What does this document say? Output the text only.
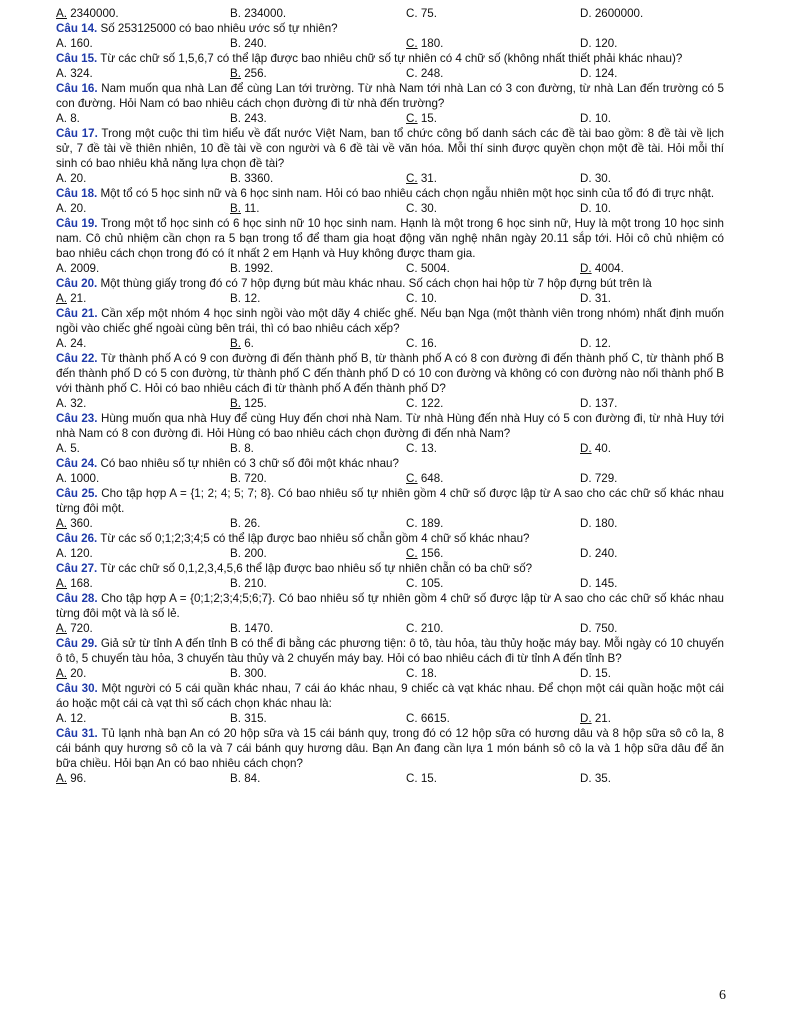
A. 2340000.	B. 234000.	C. 75.	D. 2600000.
Câu 14. Số 253125000 có bao nhiêu ước số tự nhiên?
A. 160.	B. 240.	C. 180.	D. 120.
Câu 15. Từ các chữ số 1,5,6,7 có thể lập được bao nhiêu chữ số tự nhiên có 4 chữ số (không nhất thiết phải khác nhau)?
A. 324.	B. 256.	C. 248.	D. 124.
Câu 16. Nam muốn qua nhà Lan để cùng Lan tới trường. Từ nhà Nam tới nhà Lan có 3 con đường, từ nhà Lan đến trường có 5 con đường. Hỏi Nam có bao nhiêu cách chọn đường đi từ nhà đến trường?
A. 8.	B. 243.	C. 15.	D. 10.
Câu 17. Trong một cuộc thi tìm hiểu về đất nước Việt Nam, ban tổ chức công bố danh sách các đề tài bao gồm: 8 đề tài về lịch sử, 7 đề tài về thiên nhiên, 10 đề tài về con người và 6 đề tài về văn hóa. Mỗi thí sinh được quyền chọn một đề tài. Hỏi mỗi thí sinh có bao nhiêu khả năng lựa chọn đề tài?
A. 20.	B. 3360.	C. 31.	D. 30.
Câu 18. Một tổ có 5 học sinh nữ và 6 học sinh nam. Hỏi có bao nhiêu cách chọn ngẫu nhiên một học sinh của tổ đó đi trực nhật.
A. 20.	B. 11.	C. 30.	D. 10.
Câu 19. Trong một tổ học sinh có 6 học sinh nữ 10 học sinh nam. Hạnh là một trong 6 học sinh nữ, Huy là một trong 10 học sinh nam. Cô chủ nhiệm cần chọn ra 5 bạn trong tổ để tham gia hoạt động văn nghệ nhân ngày 20.11 sắp tới. Hỏi cô chủ nhiệm có bao nhiêu cách chọn trong đó có ít nhất 2 em Hạnh và Huy không được tham gia.
A. 2009.	B. 1992.	C. 5004.	D. 4004.
Câu 20. Một thùng giấy trong đó có 7 hộp đựng bút màu khác nhau. Số cách chọn hai hộp từ 7 hộp đựng bút trên là
A. 21.	B. 12.	C. 10.	D. 31.
Câu 21. Cần xếp một nhóm 4 học sinh ngồi vào một dãy 4 chiếc ghế. Nếu bạn Nga (một thành viên trong nhóm) nhất định muốn ngồi vào chiếc ghế ngoài cùng bên trái, thì có bao nhiêu cách xếp?
A. 24.	B. 6.	C. 16.	D. 12.
Câu 22. Từ thành phố A có 9 con đường đi đến thành phố B, từ thành phố A có 8 con đường đi đến thành phố C, từ thành phố B đến thành phố D có 5 con đường, từ thành phố C đến thành phố D có 10 con đường và không có con đường nào nối thành phố B với thành phố C. Hỏi có bao nhiêu cách đi từ thành phố A đến thành phố D?
A. 32.	B. 125.	C. 122.	D. 137.
Câu 23. Hùng muốn qua nhà Huy để cùng Huy đến chơi nhà Nam. Từ nhà Hùng đến nhà Huy có 5 con đường đi, từ nhà Huy tới nhà Nam có 8 con đường đi. Hỏi Hùng có bao nhiêu cách chọn đường đi đến nhà Nam?
A. 5.	B. 8.	C. 13.	D. 40.
Câu 24. Có bao nhiêu số tự nhiên có 3 chữ số đôi một khác nhau?
A. 1000.	B. 720.	C. 648.	D. 729.
Câu 25. Cho tập hợp A = {1; 2; 4; 5; 7; 8}. Có bao nhiêu số tự nhiên gồm 4 chữ số được lập từ A sao cho các chữ số khác nhau từng đôi một.
A. 360.	B. 26.	C. 189.	D. 180.
Câu 26. Từ các số 0;1;2;3;4;5 có thể lập được bao nhiêu số chẵn gồm 4 chữ số khác nhau?
A. 120.	B. 200.	C. 156.	D. 240.
Câu 27. Từ các chữ số 0,1,2,3,4,5,6 thể lập được bao nhiêu số tự nhiên chẵn có ba chữ số?
A. 168.	B. 210.	C. 105.	D. 145.
Câu 28. Cho tập hợp A = {0;1;2;3;4;5;6;7}. Có bao nhiêu số tự nhiên gồm 4 chữ số được lập từ A sao cho các chữ số khác nhau từng đôi một và là số lẻ.
A. 720.	B. 1470.	C. 210.	D. 750.
Câu 29. Giả sử từ tỉnh A đến tỉnh B có thể đi bằng các phương tiện: ô tô, tàu hỏa, tàu thủy hoặc máy bay. Mỗi ngày có 10 chuyến ô tô, 5 chuyến tàu hỏa, 3 chuyến tàu thủy và 2 chuyến máy bay. Hỏi có bao nhiêu cách đi từ tỉnh A đến tỉnh B?
A. 20.	B. 300.	C. 18.	D. 15.
Câu 30. Một người có 5 cái quần khác nhau, 7 cái áo khác nhau, 9 chiếc cà vạt khác nhau. Để chọn một cái quần hoặc một cái áo hoặc một cái cà vạt thì số cách chọn khác nhau là:
A. 12.	B. 315.	C. 6615.	D. 21.
Câu 31. Tủ lạnh nhà bạn An có 20 hộp sữa và 15 cái bánh quy, trong đó có 12 hộp sữa có hương dâu và 8 hộp sữa sô cô la, 8 cái bánh quy hương sô cô la và 7 cái bánh quy hương dâu. Bạn An đang cần lựa 1 món bánh sô cô la và 1 hộp sữa dâu để ăn bữa chiều. Hỏi bạn An có bao nhiêu cách chọn?
A. 96.	B. 84.	C. 15.	D. 35.
6
